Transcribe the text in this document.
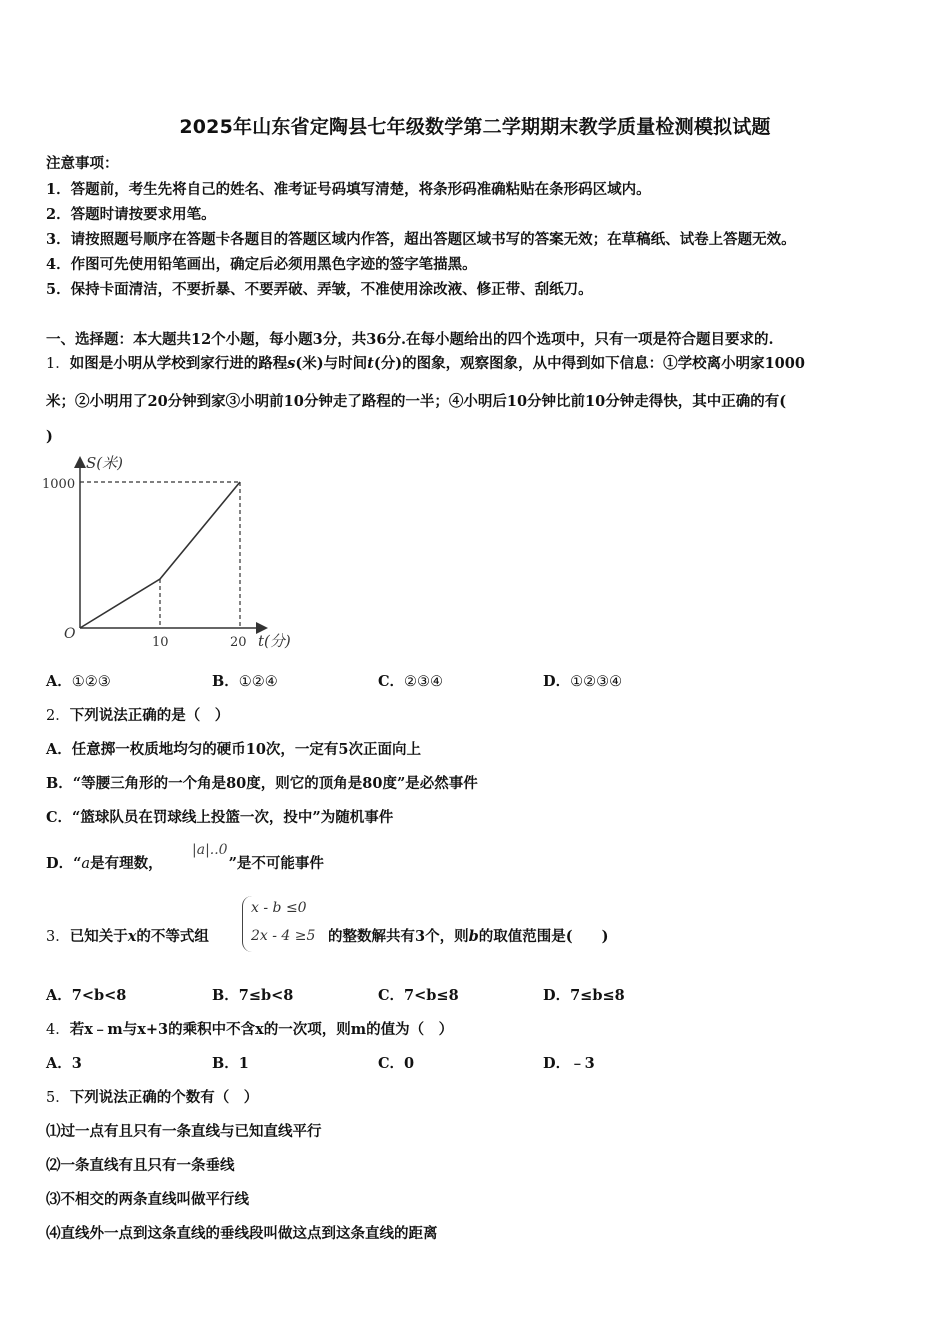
2025年山东省定陶县七年级数学第二学期期末教学质量检测模拟试题
注意事项：
1．答题前，考生先将自己的姓名、准考证号码填写清楚，将条形码准确粘贴在条形码区域内。
2．答题时请按要求用笔。
3．请按照题号顺序在答题卡各题目的答题区域内作答，超出答题区域书写的答案无效；在草稿纸、试卷上答题无效。
4．作图可先使用铅笔画出，确定后必须用黑色字迹的签字笔描黑。
5．保持卡面清洁，不要折暴、不要弄破、弄皱，不准使用涂改液、修正带、刮纸刀。
一、选择题：本大题共12个小题，每小题3分，共36分.在每小题给出的四个选项中，只有一项是符合题目要求的.
1．如图是小明从学校到家行进的路程s(米)与时间t(分)的图象，观察图象，从中得到如下信息：①学校离小明家1000
米；②小明用了20分钟到家③小明前10分钟走了路程的一半；④小明后10分钟比前10分钟走得快，其中正确的有(
)
S(米)
1000
O
10	20 t(分)
A．①②③	B．①②④	C．②③④	D．①②③④
2．下列说法正确的是（　）
A．任意掷一枚质地均匀的硬币10次，一定有5次正面向上
B．“等腰三角形的一个角是80度，则它的顶角是80度”是必然事件
C．“篮球队员在罚球线上投篮一次，投中”为随机事件
D．“a是有理数，	”是不可能事件
|a|..0
3．已知关于x的不等式组
x - b ≤0
2x - 4 ≥5 的整数解共有3个，则b的取值范围是(　　)
A．7<b<8	B．7≤b<8	C．7<b≤8	D．7≤b≤8
4．若x﹣m与x+3的乘积中不含x的一次项，则m的值为（　）
A．3	B．1	C．0	D．﹣3
5．下列说法正确的个数有（　）
⑴过一点有且只有一条直线与已知直线平行
⑵一条直线有且只有一条垂线
⑶不相交的两条直线叫做平行线
⑷直线外一点到这条直线的垂线段叫做这点到这条直线的距离
